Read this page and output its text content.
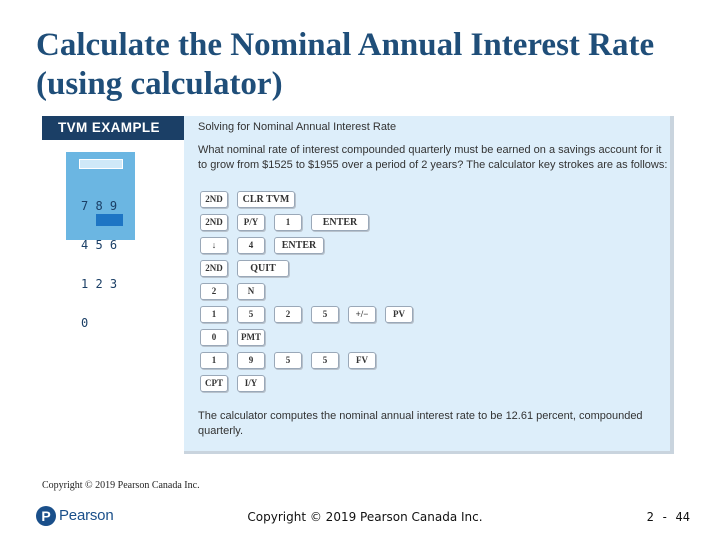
Calculate the Nominal Annual Interest Rate
(using calculator)
TVM EXAMPLE

7 8 9

4 5 6

1 2 3

0

Solving for Nominal Annual Interest Rate
What nominal rate of interest compounded quarterly must be earned on a savings account for it to grow from $1525 to $1955 over a period of 2 years? The calculator key strokes are as follows:
2ND	CLR TVM
2ND	P/Y	1	ENTER
↓	4	ENTER
2ND	QUIT
2	N
1	5	2	5	+/−	PV
0	PMT
1	9	5	5	FV
CPT	I/Y
The calculator computes the nominal annual interest rate to be 12.61 percent, compounded quarterly.
Copyright © 2019 Pearson Canada Inc.
P Pearson	Copyright © 2019 Pearson Canada Inc.	2 - 44
